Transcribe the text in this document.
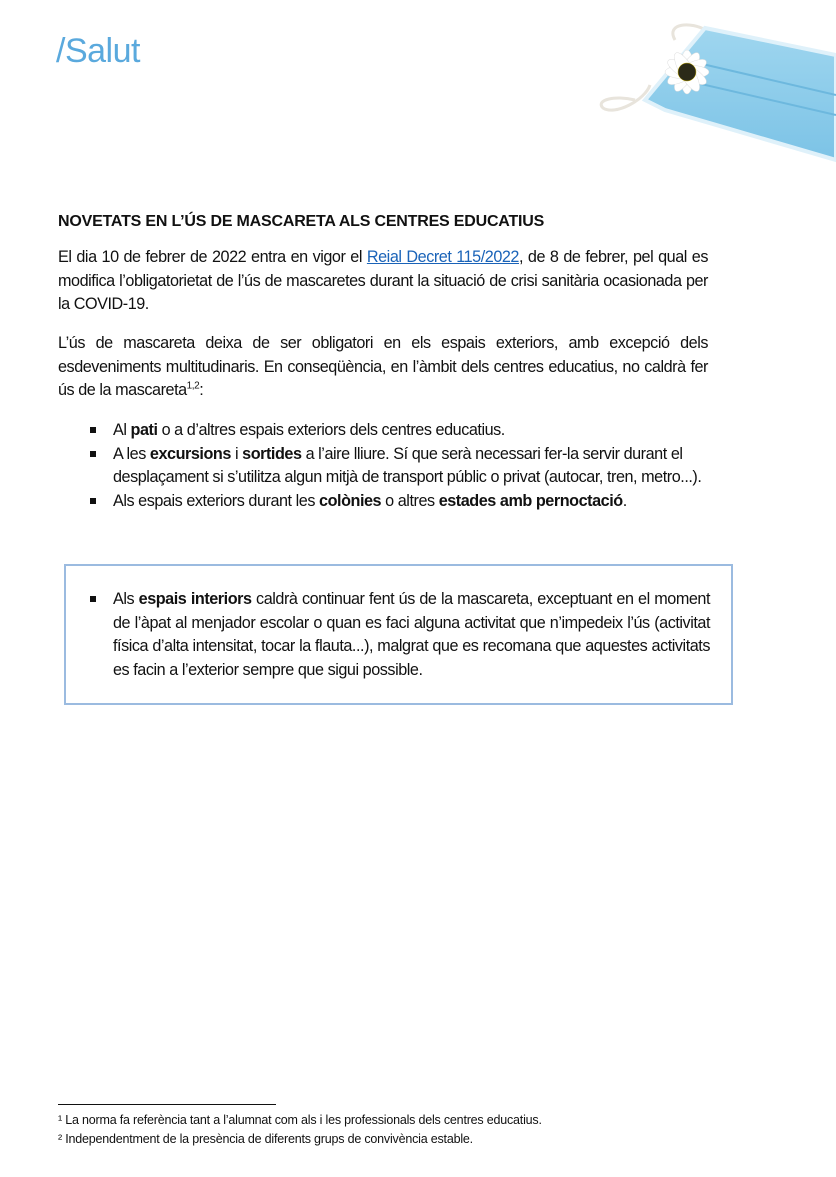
/Salut
NOVETATS EN L’ÚS DE MASCARETA ALS CENTRES EDUCATIUS

El dia 10 de febrer de 2022 entra en vigor el Reial Decret 115/2022, de 8 de febrer, pel qual es modifica l’obligatorietat de l’ús de mascaretes durant la situació de crisi sanitària ocasionada per la COVID-19.

L’ús de mascareta deixa de ser obligatori en els espais exteriors, amb excepció dels esdeveniments multitudinaris. En conseqüència, en l’àmbit dels centres educatius, no caldrà fer ús de la mascareta$^{1,2}$:

Al pati o a d’altres espais exteriors dels centres educatius.
A les excursions i sortides a l’aire lliure. Sí que serà necessari fer-la servir durant el desplaçament si s’utilitza algun mitjà de transport públic o privat (autocar, tren, metro...).
Als espais exteriors durant les colònies o altres estades amb pernoctació.
Als espais interiors caldrà continuar fent ús de la mascareta, exceptuant en el moment de l’àpat al menjador escolar o quan es faci alguna activitat que n’impedeix l’ús (activitat física d’alta intensitat, tocar la flauta...), malgrat que es recomana que aquestes activitats es facin a l’exterior sempre que sigui possible.
¹ La norma fa referència tant a l’alumnat com als i les professionals dels centres educatius.
² Independentment de la presència de diferents grups de convivència estable.
